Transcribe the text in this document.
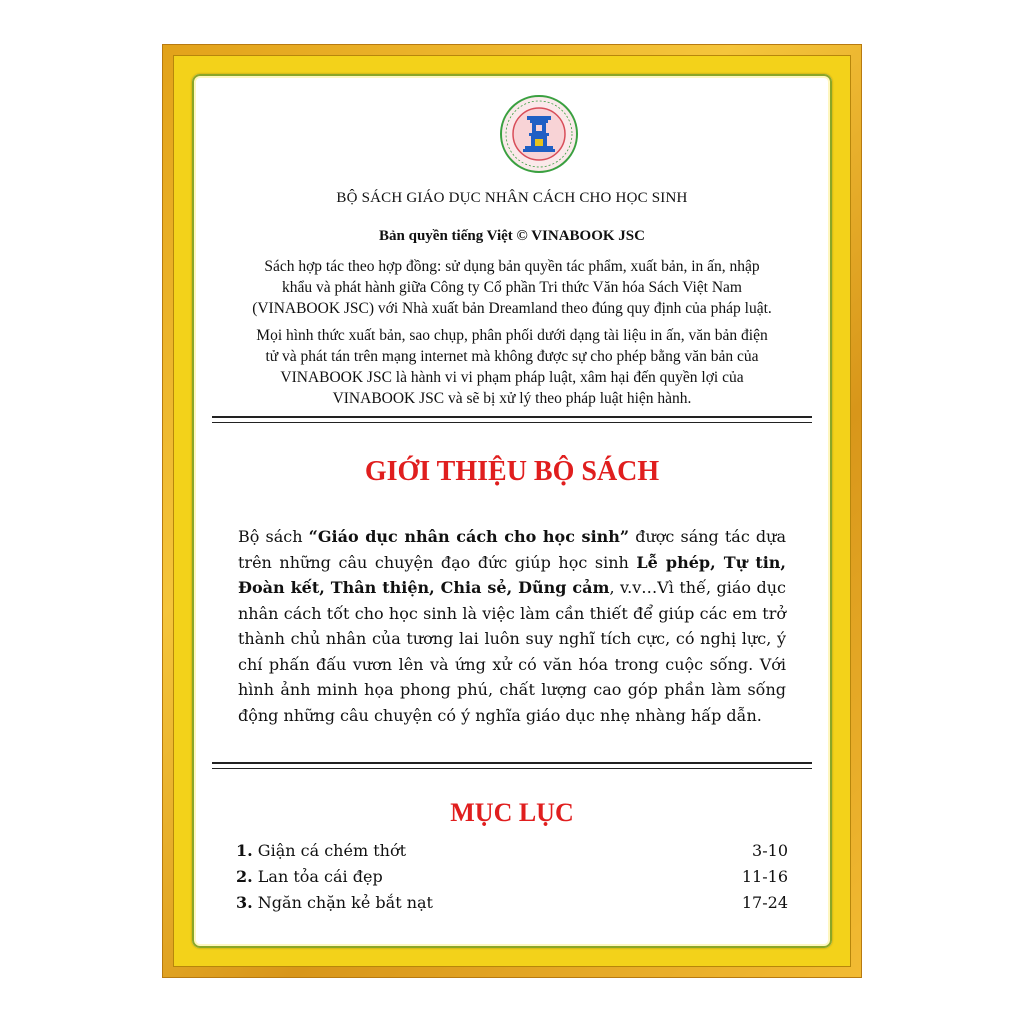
BỘ SÁCH GIÁO DỤC NHÂN CÁCH CHO HỌC SINH
Bản quyền tiếng Việt © VINABOOK JSC
Sách hợp tác theo hợp đồng: sử dụng bản quyền tác phẩm, xuất bản, in ấn, nhập khẩu và phát hành giữa Công ty Cổ phần Tri thức Văn hóa Sách Việt Nam (VINABOOK JSC) với Nhà xuất bản Dreamland theo đúng quy định của pháp luật.
Mọi hình thức xuất bản, sao chụp, phân phối dưới dạng tài liệu in ấn, văn bản điện tử và phát tán trên mạng internet mà không được sự cho phép bằng văn bản của VINABOOK JSC là hành vi vi phạm pháp luật, xâm hại đến quyền lợi của VINABOOK JSC và sẽ bị xử lý theo pháp luật hiện hành.
GIỚI THIỆU BỘ SÁCH
Bộ sách “Giáo dục nhân cách cho học sinh” được sáng tác dựa trên những câu chuyện đạo đức giúp học sinh Lễ phép, Tự tin, Đoàn kết, Thân thiện, Chia sẻ, Dũng cảm, v.v…Vì thế, giáo dục nhân cách tốt cho học sinh là việc làm cần thiết để giúp các em trở thành chủ nhân của tương lai luôn suy nghĩ tích cực, có nghị lực, ý chí phấn đấu vươn lên và ứng xử có văn hóa trong cuộc sống. Với hình ảnh minh họa phong phú, chất lượng cao góp phần làm sống động những câu chuyện có ý nghĩa giáo dục nhẹ nhàng hấp dẫn.
MỤC LỤC
1. Giận cá chém thớt	3-10
2. Lan tỏa cái đẹp	11-16
3. Ngăn chặn kẻ bắt nạt	17-24
